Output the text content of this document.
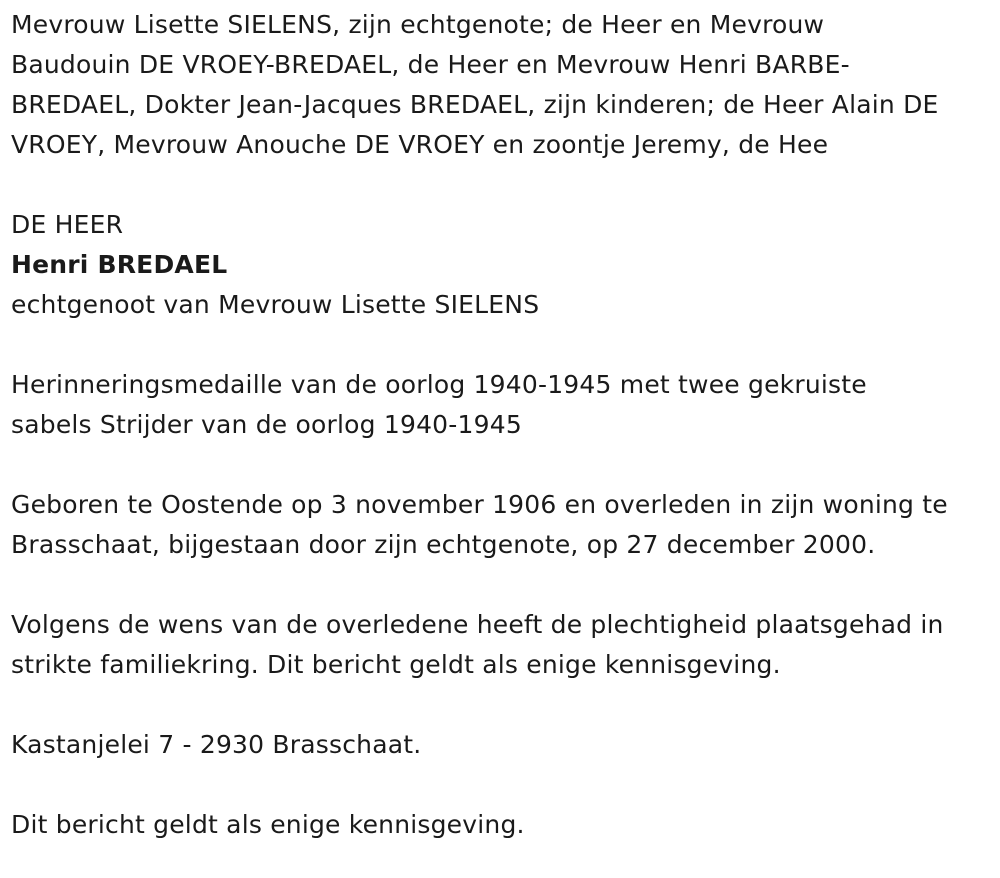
Mevrouw Lisette SIELENS, zijn echtgenote; de Heer en Mevrouw
Baudouin DE VROEY-BREDAEL, de Heer en Mevrouw Henri BARBE-
BREDAEL, Dokter Jean-Jacques BREDAEL, zijn kinderen; de Heer Alain DE
VROEY, Mevrouw Anouche DE VROEY en zoontje Jeremy, de Hee
DE HEER
Henri BREDAEL
echtgenoot van Mevrouw Lisette SIELENS
Herinneringsmedaille van de oorlog 1940-1945 met twee gekruiste
sabels Strijder van de oorlog 1940-1945
Geboren te Oostende op 3 november 1906 en overleden in zijn woning te
Brasschaat, bijgestaan door zijn echtgenote, op 27 december 2000.
Volgens de wens van de overledene heeft de plechtigheid plaatsgehad in
strikte familiekring. Dit bericht geldt als enige kennisgeving.
Kastanjelei 7 - 2930 Brasschaat.
Dit bericht geldt als enige kennisgeving.
